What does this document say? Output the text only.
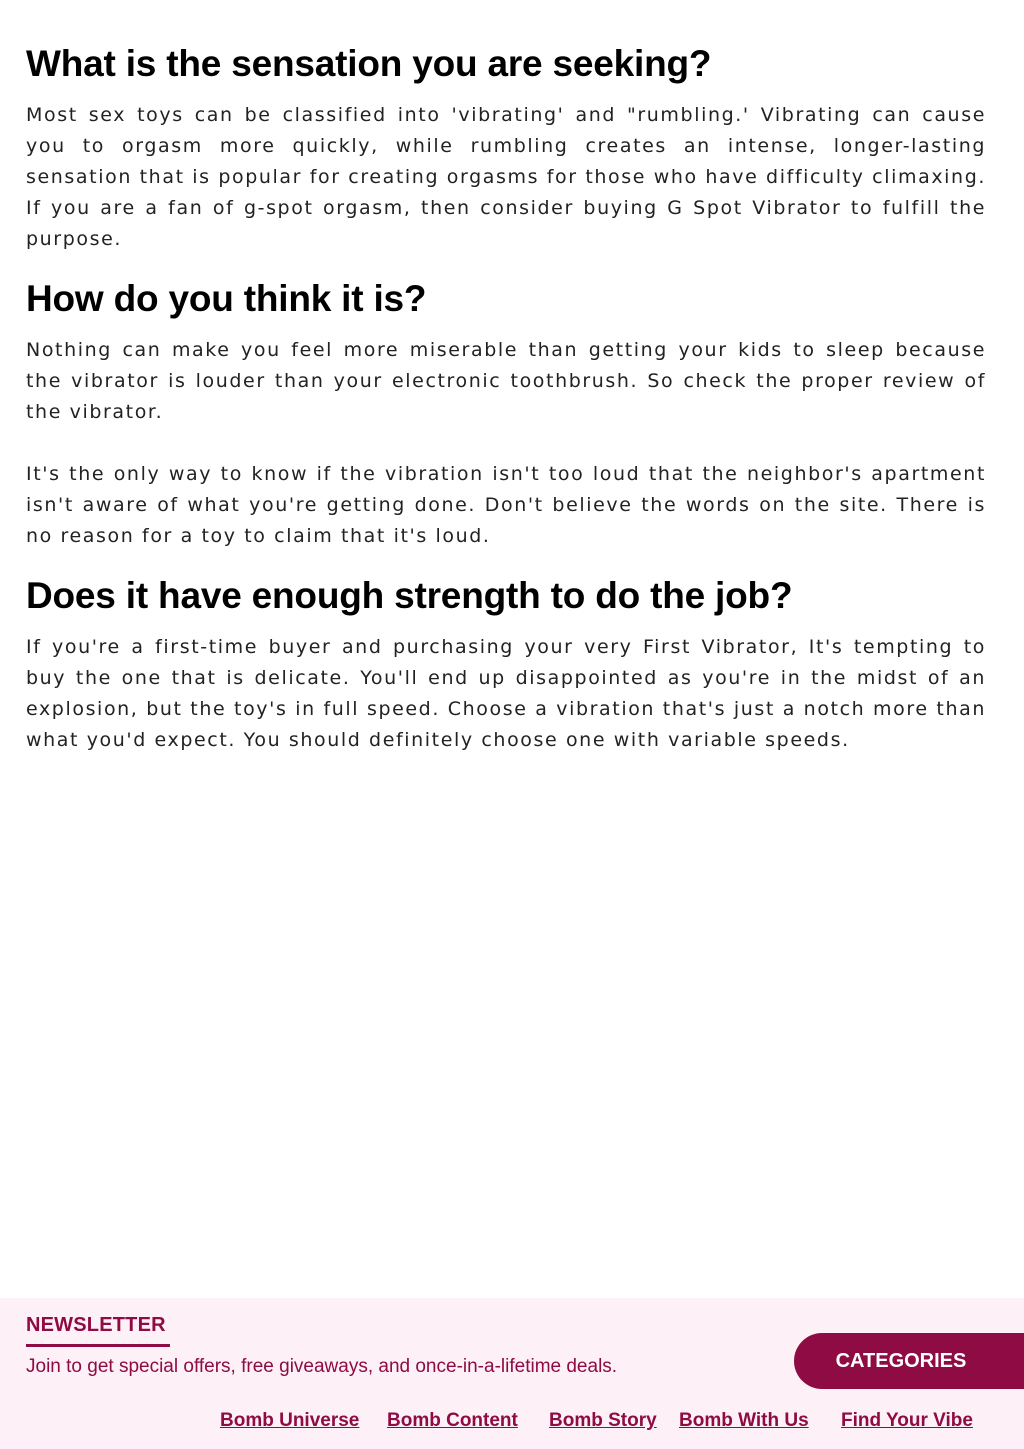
What is the sensation you are seeking?

Most sex toys can be classified into 'vibrating' and "rumbling.' Vibrating can cause you to orgasm more quickly, while rumbling creates an intense, longer-lasting sensation that is popular for creating orgasms for those who have difficulty climaxing. If you are a fan of g-spot orgasm, then consider buying G Spot Vibrator to fulfill the purpose.

How do you think it is?

Nothing can make you feel more miserable than getting your kids to sleep because the vibrator is louder than your electronic toothbrush. So check the proper review of the vibrator.

It's the only way to know if the vibration isn't too loud that the neighbor's apartment isn't aware of what you're getting done. Don't believe the words on the site. There is no reason for a toy to claim that it's loud.

Does it have enough strength to do the job?

If you're a first-time buyer and purchasing your very First Vibrator, It's tempting to buy the one that is delicate. You'll end up disappointed as you're in the midst of an explosion, but the toy's in full speed. Choose a vibration that's just a notch more than what you'd expect. You should definitely choose one with variable speeds.

NEWSLETTER
Join to get special offers, free giveaways, and once-in-a-lifetime deals.	CATEGORIES
Bomb Universe Bomb Content Bomb Story Bomb With Us Find Your Vibe
